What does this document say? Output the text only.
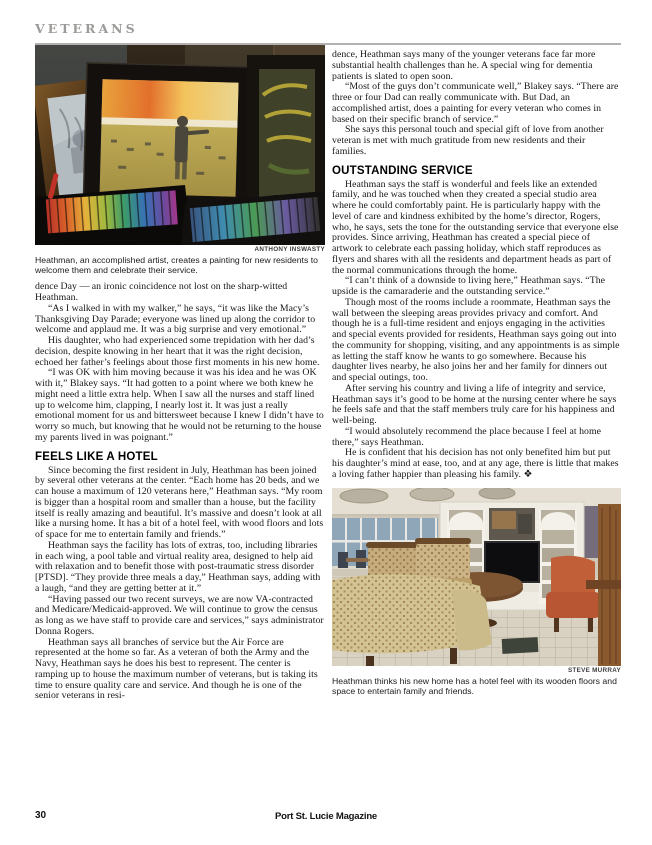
VETERANS
ANTHONY INSWASTY
Heathman, an accomplished artist, creates a painting for new residents to welcome them and celebrate their service.

dence Day — an ironic coincidence not lost on the sharp-witted Heathman.

“As I walked in with my walker,” he says, “it was like the Macy’s Thanksgiving Day Parade; everyone was lined up along the corridor to welcome and applaud me. It was a big surprise and very emotional.”

His daughter, who had experienced some trepidation with her dad’s decision, despite knowing in her heart that it was the right decision, echoed her father’s feelings about those first moments in his new home.

“I was OK with him moving because it was his idea and he was OK with it,” Blakey says. “It had gotten to a point where we both knew he might need a little extra help. When I saw all the nurses and staff lined up to welcome him, clapping, I nearly lost it. It was just a really emotional moment for us and bittersweet because I knew I didn’t have to worry so much, but knowing that he would not be returning to the house my parents lived in was poignant.”

FEELS LIKE A HOTEL

Since becoming the first resident in July, Heathman has been joined by several other veterans at the center. “Each home has 20 beds, and we can house a maximum of 120 veterans here,” Heathman says. “My room is bigger than a hospital room and smaller than a house, but the facility itself is really amazing and beautiful. It’s massive and doesn’t look at all like a nursing home. It has a bit of a hotel feel, with wood floors and lots of space for me to entertain family and friends.”

Heathman says the facility has lots of extras, too, including libraries in each wing, a pool table and virtual reality area, designed to help aid with relaxation and to benefit those with post-traumatic stress disorder [PTSD]. “They provide three meals a day,” Heathman says, adding with a laugh, “and they are getting better at it.”

“Having passed our two recent surveys, we are now VA-contracted and Medicare/Medicaid-approved. We will continue to grow the census as long as we have staff to provide care and services,” says administrator Donna Rogers.

Heathman says all branches of service but the Air Force are represented at the home so far. As a veteran of both the Army and the Navy, Heathman says he does his best to represent. The center is ramping up to house the maximum number of veterans, but is taking its time to ensure quality care and service. And though he is one of the senior veterans in resi-

dence, Heathman says many of the younger veterans face far more substantial health challenges than he. A special wing for dementia patients is slated to open soon.

“Most of the guys don’t communicate well,” Blakey says. “There are three or four Dad can really communicate with. But Dad, an accomplished artist, does a painting for every veteran who comes in based on their specific branch of service.”

She says this personal touch and special gift of love from another veteran is met with much gratitude from new residents and their families.

OUTSTANDING SERVICE

Heathman says the staff is wonderful and feels like an extended family, and he was touched when they created a special studio area where he could comfortably paint. He is particularly happy with the level of care and kindness exhibited by the home’s director, Rogers, who, he says, sets the tone for the outstanding service that everyone else provides. Since arriving, Heathman has created a special piece of artwork to celebrate each passing holiday, which staff reproduces as flyers and shares with all the residents and department heads as part of the normal communications through the home.

“I can’t think of a downside to living here,” Heathman says. “The upside is the camaraderie and the outstanding service.”

Though most of the rooms include a roommate, Heathman says the wall between the sleeping areas provides privacy and comfort. And though he is a full-time resident and enjoys engaging in the activities and special events provided for residents, Heathman says going out into the community for shopping, visiting, and any appointments is as simple as letting the staff know he wants to go somewhere. Because his daughter lives nearby, he also joins her and her family for dinners out and special outings, too.

After serving his country and living a life of integrity and service, Heathman says it’s good to be home at the nursing center where he says he feels safe and that the staff members truly care for his happiness and well-being.

“I would absolutely recommend the place because I feel at home there,” says Heathman.

He is confident that his decision has not only benefited him but put his daughter’s mind at ease, too, and at any age, there is little that makes a loving father happier than pleasing his family. ❖

STEVE MURRAY
Heathman thinks his new home has a hotel feel with its wooden floors and space to entertain family and friends.
30	Port St. Lucie Magazine
